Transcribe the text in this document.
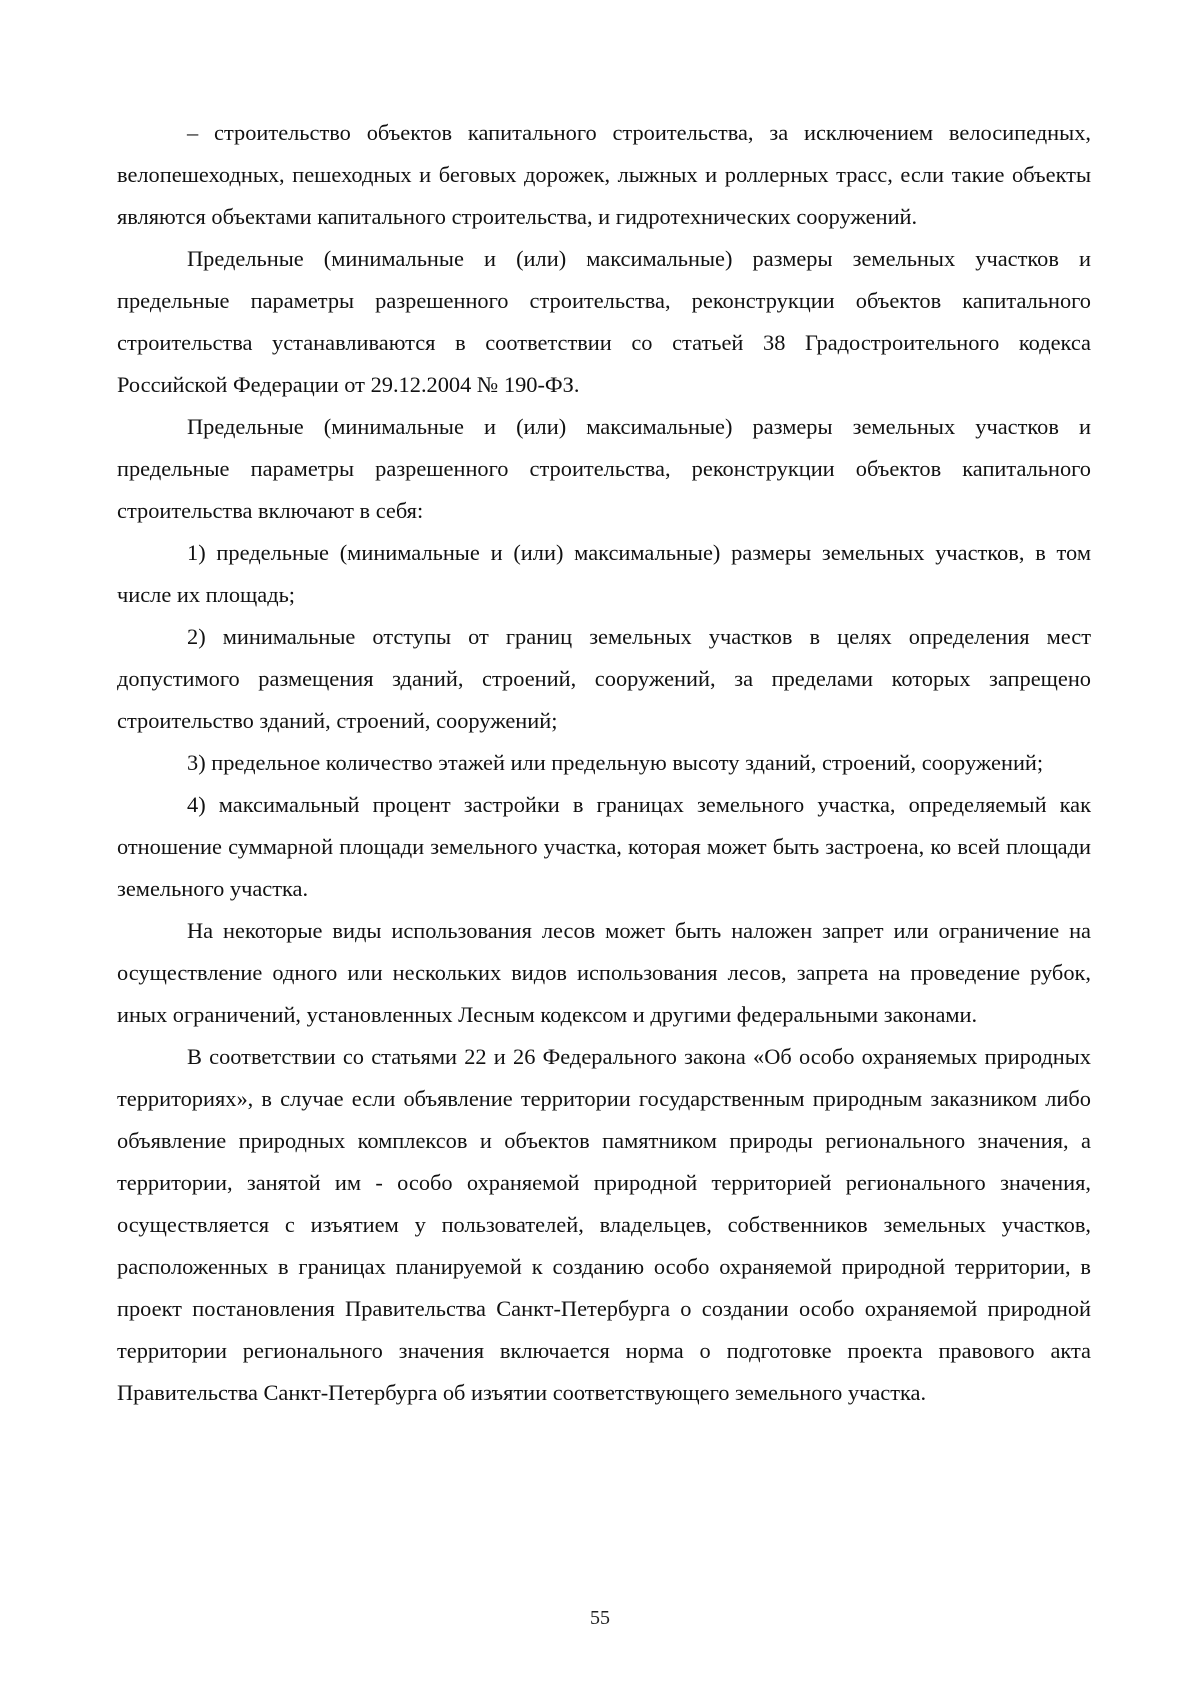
– строительство объектов капитального строительства, за исключением велосипедных, велопешеходных, пешеходных и беговых дорожек, лыжных и роллерных трасс, если такие объекты являются объектами капитального строительства, и гидротехнических сооружений.

Предельные (минимальные и (или) максимальные) размеры земельных участков и предельные параметры разрешенного строительства, реконструкции объектов капитального строительства устанавливаются в соответствии со статьей 38 Градостроительного кодекса Российской Федерации от 29.12.2004 № 190-ФЗ.

Предельные (минимальные и (или) максимальные) размеры земельных участков и предельные параметры разрешенного строительства, реконструкции объектов капитального строительства включают в себя:

1) предельные (минимальные и (или) максимальные) размеры земельных участков, в том числе их площадь;

2) минимальные отступы от границ земельных участков в целях определения мест допустимого размещения зданий, строений, сооружений, за пределами которых запрещено строительство зданий, строений, сооружений;

3) предельное количество этажей или предельную высоту зданий, строений, сооружений;

4) максимальный процент застройки в границах земельного участка, определяемый как отношение суммарной площади земельного участка, которая может быть застроена, ко всей площади земельного участка.

На некоторые виды использования лесов может быть наложен запрет или ограничение на осуществление одного или нескольких видов использования лесов, запрета на проведение рубок, иных ограничений, установленных Лесным кодексом и другими федеральными законами.

В соответствии со статьями 22 и 26 Федерального закона «Об особо охраняемых природных территориях», в случае если объявление территории государственным природным заказником либо объявление природных комплексов и объектов памятником природы регионального значения, а территории, занятой им - особо охраняемой природной территорией регионального значения, осуществляется с изъятием у пользователей, владельцев, собственников земельных участков, расположенных в границах планируемой к созданию особо охраняемой природной территории, в проект постановления Правительства Санкт-Петербурга о создании особо охраняемой природной территории регионального значения включается норма о подготовке проекта правового акта Правительства Санкт-Петербурга об изъятии соответствующего земельного участка.

55
